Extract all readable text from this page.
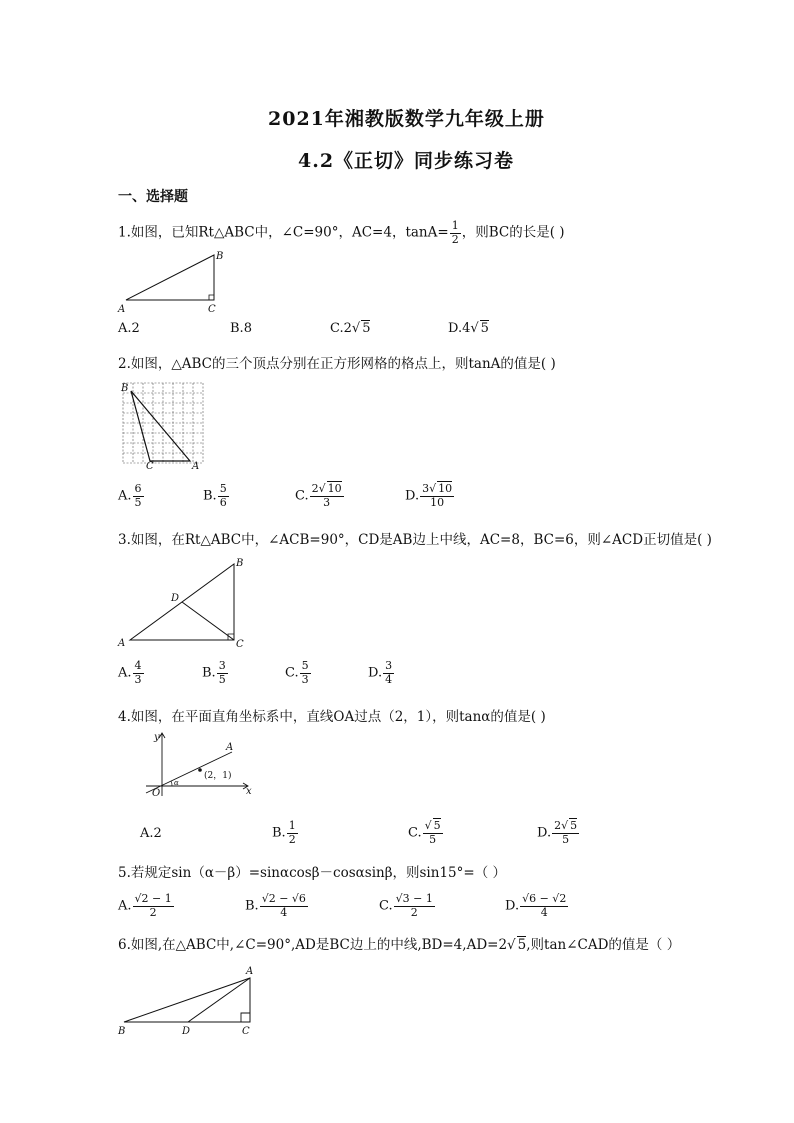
2021年湘教版数学九年级上册
4.2《正切》同步练习卷
一、选择题
1.如图，已知Rt△ABC中，∠C=90°，AC=4，$\tan A= \frac{1}{2}$ ，则BC的长是( )
A
B
C
A.2	B.8	C.2√ 5	D.4√ 5
2.如图，△ABC的三个顶点分别在正方形网格的格点上，则tanA的值是( )
B
C	A
A. $\frac{6}{5}$	B. $\frac{5}{6}$	C. $\frac{2√ 10}{3}$	D. $\frac{3√ 10}{10}$
3.如图，在Rt△ABC中，∠ACB=90°，CD是AB边上中线，AC=8，BC=6，则∠ACD正切值是( )
A
B
C
D
A. $\frac{4}{3}$	B. $\frac{3}{5}$	C. $\frac{5}{3}$	D. $\frac{3}{4}$
4.如图，在平面直角坐标系中，直线OA过点（2，1），则tanα的值是( )
y
x
O
A
α
(2，1)
A.2	B. $\frac{1}{2}$	C. $\frac{√ 5}{5}$	D. $\frac{2√ 5}{5}$
5.若规定sin（α－β）=sinαcosβ－cosαsinβ，则sin15°=（ ）
A. $\frac{√2 - 1}{2}$	B. $\frac{√2 - √6}{4}$	C. $\frac{√3 - 1}{2}$	D. $\frac{√6 - √2}{4}$
6.如图,在△ABC中,∠C=90°,AD是BC边上的中线,BD=4,AD=2√ 5,则tan∠CAD的值是（ ）
A
B	D	C
